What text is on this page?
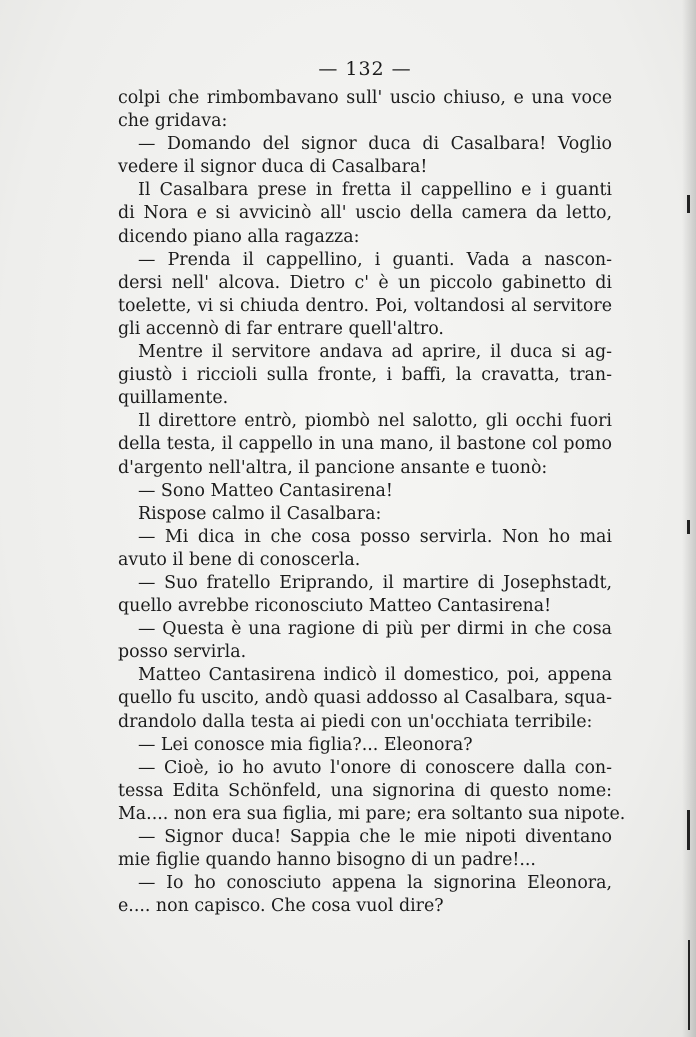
— 132 —
colpi che rimbombavano sull' uscio chiuso, e una voce
che gridava:
— Domando del signor duca di Casalbara! Voglio
vedere il signor duca di Casalbara!
Il Casalbara prese in fretta il cappellino e i guanti
di Nora e si avvicinò all' uscio della camera da letto,
dicendo piano alla ragazza:
— Prenda il cappellino, i guanti. Vada a nascon-
dersi nell' alcova. Dietro c' è un piccolo gabinetto di
toelette, vi si chiuda dentro. Poi, voltandosi al servitore
gli accennò di far entrare quell'altro.
Mentre il servitore andava ad aprire, il duca si ag-
giustò i riccioli sulla fronte, i baffi, la cravatta, tran-
quillamente.
Il direttore entrò, piombò nel salotto, gli occhi fuori
della testa, il cappello in una mano, il bastone col pomo
d'argento nell'altra, il pancione ansante e tuonò:
— Sono Matteo Cantasirena!
Rispose calmo il Casalbara:
— Mi dica in che cosa posso servirla. Non ho mai
avuto il bene di conoscerla.
— Suo fratello Eriprando, il martire di Josephstadt,
quello avrebbe riconosciuto Matteo Cantasirena!
— Questa è una ragione di più per dirmi in che cosa
posso servirla.
Matteo Cantasirena indicò il domestico, poi, appena
quello fu uscito, andò quasi addosso al Casalbara, squa-
drandolo dalla testa ai piedi con un'occhiata terribile:
— Lei conosce mia figlia?... Eleonora?
— Cioè, io ho avuto l'onore di conoscere dalla con-
tessa Edita Schönfeld, una signorina di questo nome:
Ma.... non era sua figlia, mi pare; era soltanto sua nipote.
— Signor duca! Sappia che le mie nipoti diventano
mie figlie quando hanno bisogno di un padre!...
— Io ho conosciuto appena la signorina Eleonora,
e.... non capisco. Che cosa vuol dire?
